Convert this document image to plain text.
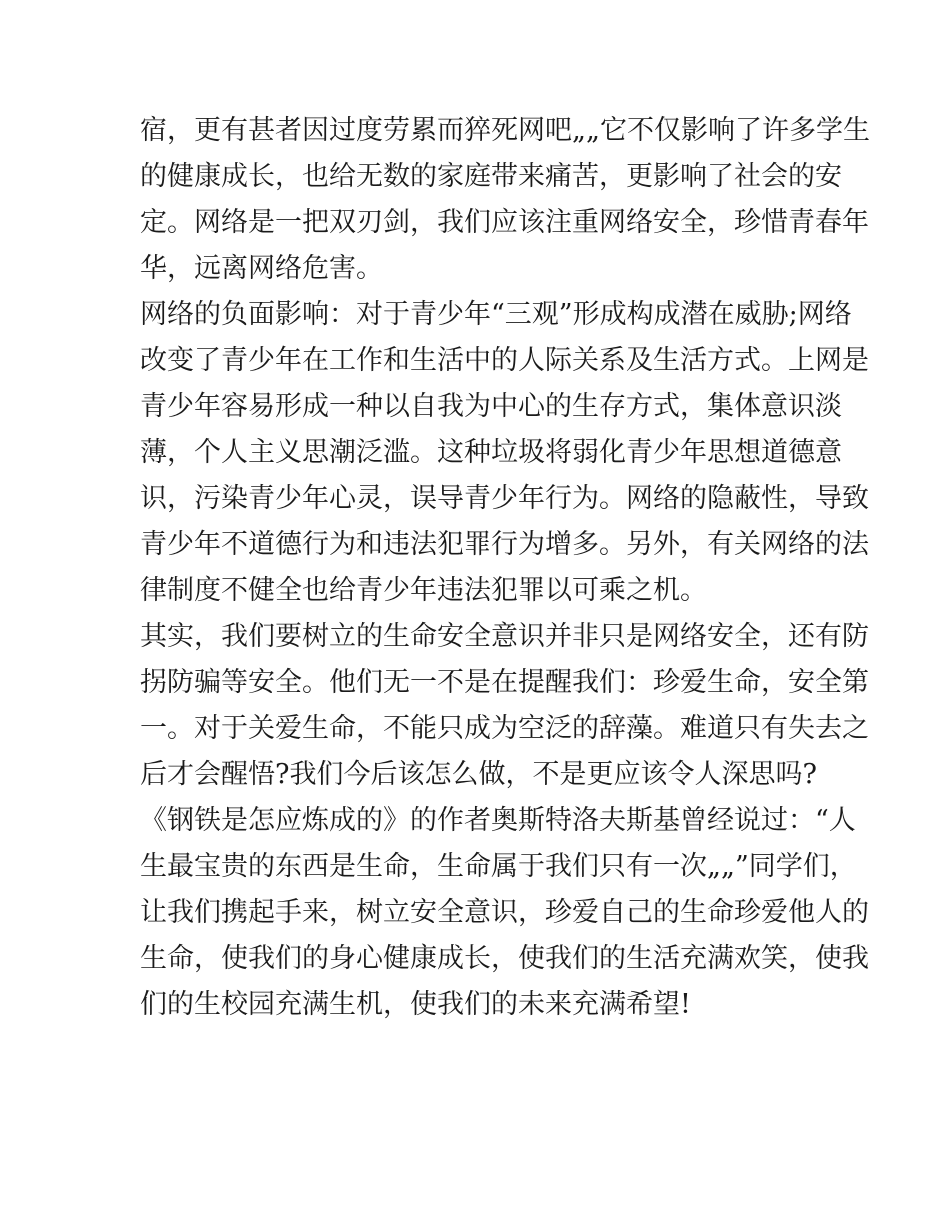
宿，更有甚者因过度劳累而猝死网吧„„它不仅影响了许多学生
的健康成长，也给无数的家庭带来痛苦，更影响了社会的安
定。网络是一把双刃剑，我们应该注重网络安全，珍惜青春年
华，远离网络危害。
网络的负面影响：对于青少年“三观”形成构成潜在威胁;网络
改变了青少年在工作和生活中的人际关系及生活方式。上网是
青少年容易形成一种以自我为中心的生存方式，集体意识淡
薄，个人主义思潮泛滥。这种垃圾将弱化青少年思想道德意
识，污染青少年心灵，误导青少年行为。网络的隐蔽性，导致
青少年不道德行为和违法犯罪行为增多。另外，有关网络的法
律制度不健全也给青少年违法犯罪以可乘之机。
其实，我们要树立的生命安全意识并非只是网络安全，还有防
拐防骗等安全。他们无一不是在提醒我们：珍爱生命，安全第
一。对于关爱生命，不能只成为空泛的辞藻。难道只有失去之
后才会醒悟?我们今后该怎么做，不是更应该令人深思吗?
《钢铁是怎应炼成的》的作者奥斯特洛夫斯基曾经说过：“人
生最宝贵的东西是生命，生命属于我们只有一次„„”同学们，
让我们携起手来，树立安全意识，珍爱自己的生命珍爱他人的
生命，使我们的身心健康成长，使我们的生活充满欢笑，使我
们的生校园充满生机，使我们的未来充满希望!
